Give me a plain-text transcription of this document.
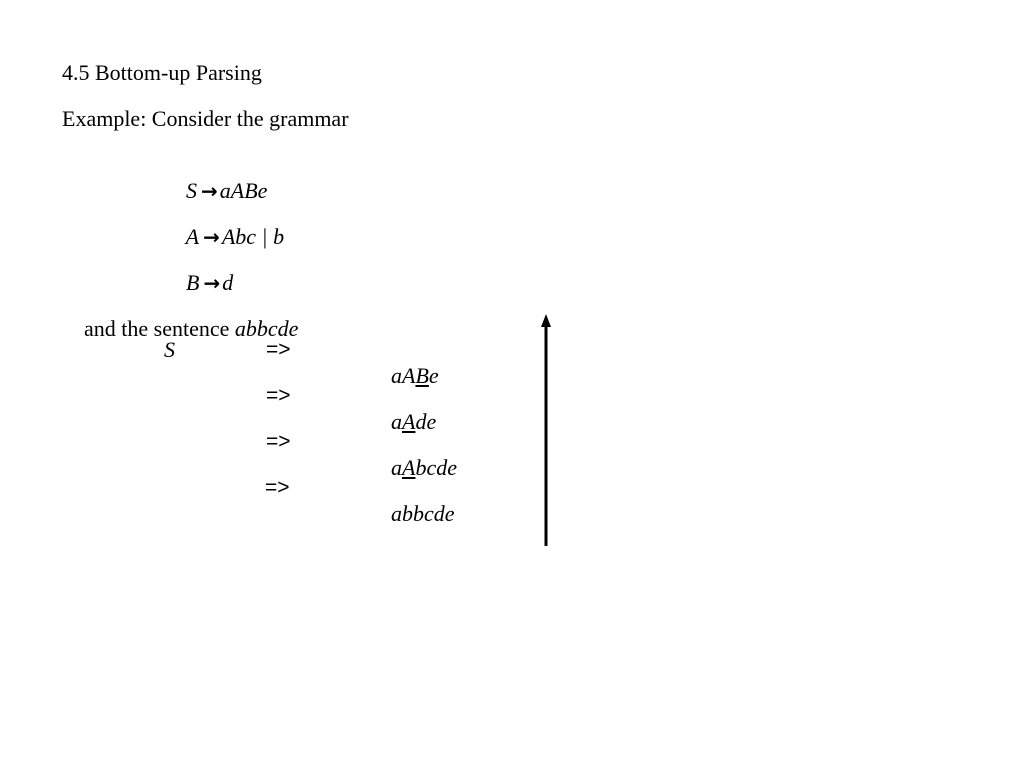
4.5 Bottom-up Parsing
Example: Consider the grammar

S →aABe

A →Abc | b

B →d

and the sentence abbcde

S	=>

aABe

=>

aAde

=>

aAbcde

=>

abbcde
